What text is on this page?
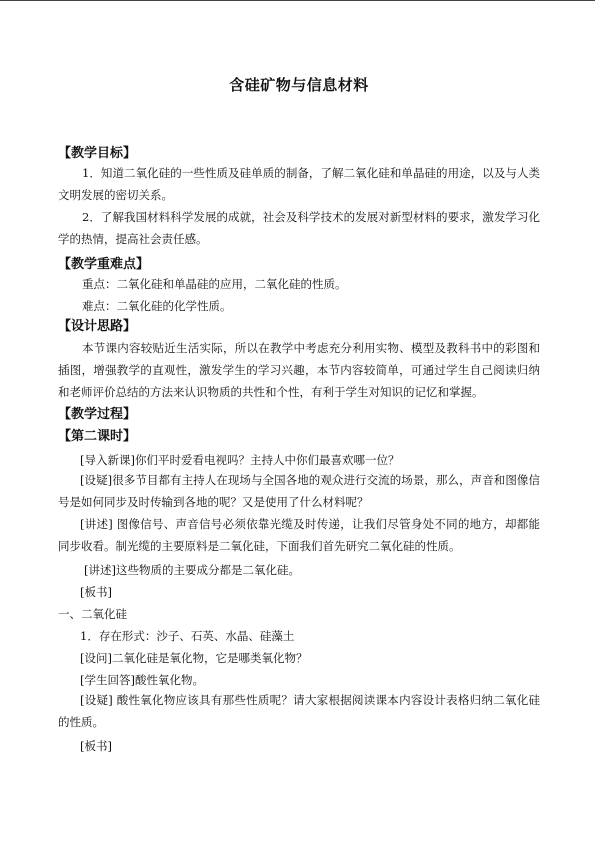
含硅矿物与信息材料
【教学目标】
1．知道二氧化硅的一些性质及硅单质的制备，了解二氧化硅和单晶硅的用途，以及与人类文明发展的密切关系。
2．了解我国材料科学发展的成就，社会及科学技术的发展对新型材料的要求，激发学习化学的热情，提高社会责任感。
【教学重难点】
重点：二氧化硅和单晶硅的应用，二氧化硅的性质。
难点：二氧化硅的化学性质。
【设计思路】
本节课内容较贴近生活实际，所以在教学中考虑充分利用实物、模型及教科书中的彩图和插图，增强教学的直观性，激发学生的学习兴趣，本节内容较简单，可通过学生自己阅读归纳和老师评价总结的方法来认识物质的共性和个性，有利于学生对知识的记忆和掌握。
【教学过程】
【第二课时】
[导入新课]你们平时爱看电视吗？主持人中你们最喜欢哪一位？
[设疑]很多节目都有主持人在现场与全国各地的观众进行交流的场景，那么，声音和图像信号是如何同步及时传输到各地的呢？又是使用了什么材料呢？
[讲述] 图像信号、声音信号必须依靠光缆及时传递，让我们尽管身处不同的地方，却都能同步收看。制光缆的主要原料是二氧化硅，下面我们首先研究二氧化硅的性质。
[讲述]这些物质的主要成分都是二氧化硅。
[板书]
一、二氧化硅
1．存在形式：沙子、石英、水晶、硅藻土
[设问]二氧化硅是氧化物，它是哪类氧化物？
[学生回答]酸性氧化物。
[设疑] 酸性氧化物应该具有那些性质呢？请大家根据阅读课本内容设计表格归纳二氧化硅的性质。
[板书]
